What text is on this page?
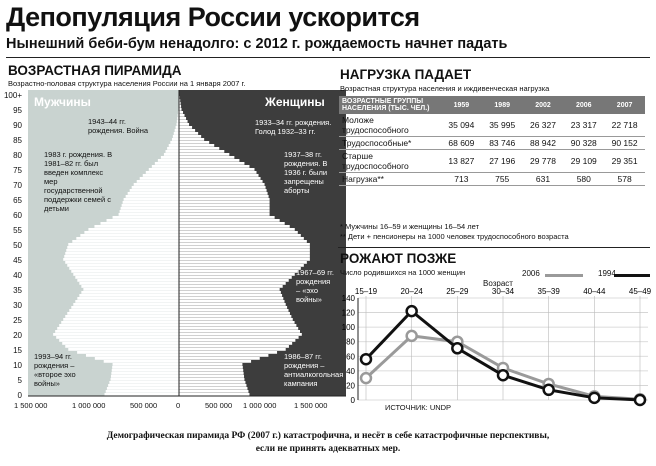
Депопуляция России ускорится
Нынешний беби-бум ненадолго: с 2012 г. рождаемость начнет падать
ВОЗРАСТНАЯ ПИРАМИДА
Возрастно-половая структура населения России на 1 января 2007 г.
100+
95
90
85
80
75
70
65
60
55
50
45
40
35
30
25
20
15
10
5
0
Мужчины	Женщины
1 500 000	1 000 000	500 000	0	500 000 1 000 000 1 500 000
1943–44 гг. рождения. Война
1983 г. рождения. В 1981–82 гг. был введен комплекс мер государственной поддержки семей с детьми
1993–94 гг. рождения – «второе эхо войны»
1933–34 гг. рождения. Голод 1932–33 гг.
1937–38 гг. рождения. В 1936 г. были запрещены аборты
1967–69 гг. рождения – «эхо войны»
1986–87 гг. рождения – антиалкогольная кампания
НАГРУЗКА ПАДАЕТ
Возрастная структура населения и иждивенческая нагрузка
ВОЗРАСТНЫЕ ГРУППЫ НАСЕЛЕНИЯ (ТЫС. ЧЕЛ.)	1959	1989	2002	2006	2007
Моложе
трудоспособного	35 094	35 995	26 327	23 317	22 718
Трудоспособные*	68 609	83 746	88 942	90 328	90 152
Старше
трудоспособного	13 827	27 196	29 778	29 109	29 351
Нагрузка**	713	755	631	580	578
* Мужчины 16–59 и женщины 16–54 лет
** Дети + пенсионеры на 1000 человек трудоспособного возраста
РОЖАЮТ ПОЗЖЕ
Число родившихся на 1000 женщин	2006	1994
Возраст
0
20
40
60
80
100
120
140
15–19	20–24	25–29	30–34	35–39	40–44	45–49
ИСТОЧНИК: UNDP
Демографическая пирамида РФ (2007 г.) катастрофична, и несёт в себе катастрофичные перспективы,
если не принять адекватных мер.
